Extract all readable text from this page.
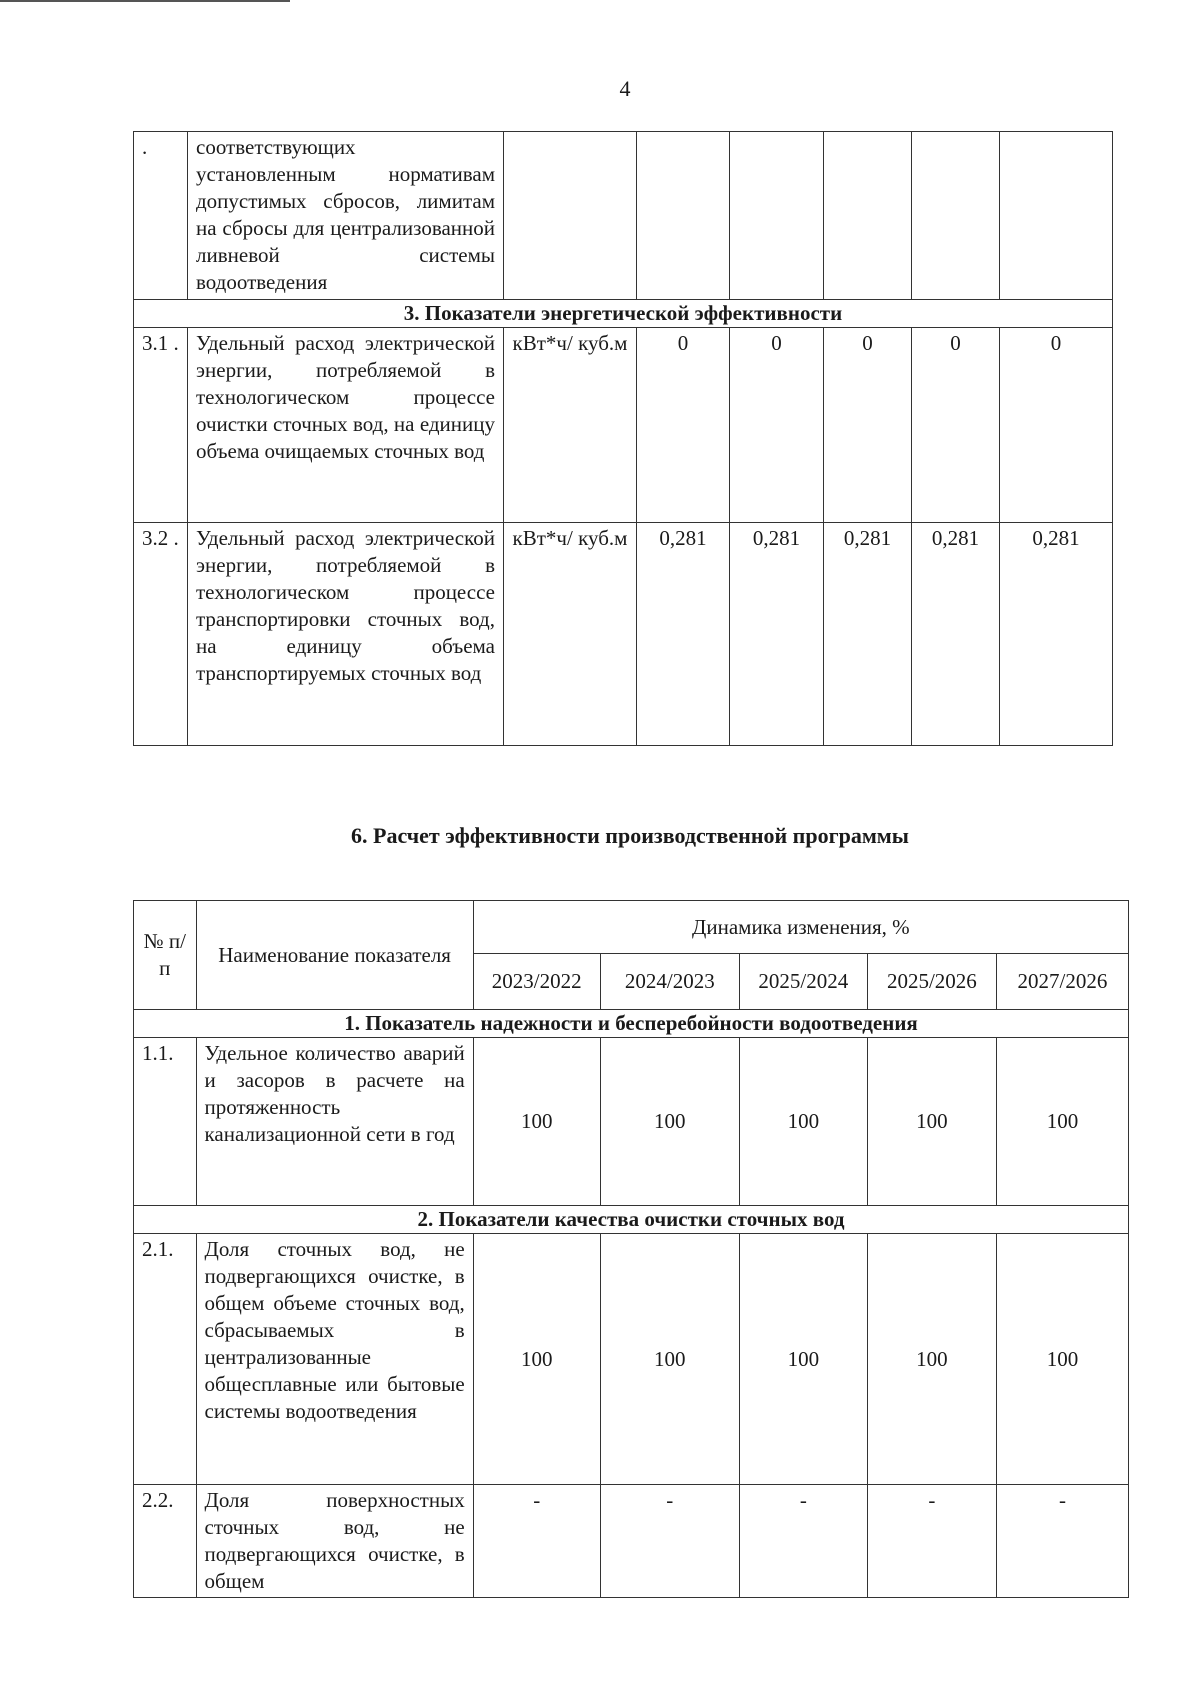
4
.	соответствующих установленным нормативам допустимых сбросов, лимитам на сбросы для централизованной ливневой системы водоотведения						
3. Показатели энергетической эффективности							
3.1 .	Удельный расход электрической энергии, потребляемой в технологическом процессе очистки сточных вод, на единицу объема очищаемых сточных вод	кВт*ч/ куб.м	0	0	0	0	0
3.2 .	Удельный расход электрической энергии, потребляемой в технологическом процессе транспортировки сточных вод, на единицу объема транспортируемых сточных вод	кВт*ч/ куб.м	0,281	0,281	0,281	0,281	0,281
6. Расчет эффективности производственной программы
№ п/п	Наименование показателя	Динамика изменения, %				
		2023/2022	2024/2023	2025/2024	2025/2026	2027/2026
1. Показатель надежности и бесперебойности водоотведения						
1.1.	Удельное количество аварий и засоров в расчете на протяженность канализационной сети в год	100	100	100	100	100
2. Показатели качества очистки сточных вод						
2.1.	Доля сточных вод, не подвергающихся очистке, в общем объеме сточных вод, сбрасываемых в централизованные общесплавные или бытовые системы водоотведения	100	100	100	100	100
2.2.	Доля поверхностных сточных вод, не подвергающихся очистке, в общем	-	-	-	-	-
